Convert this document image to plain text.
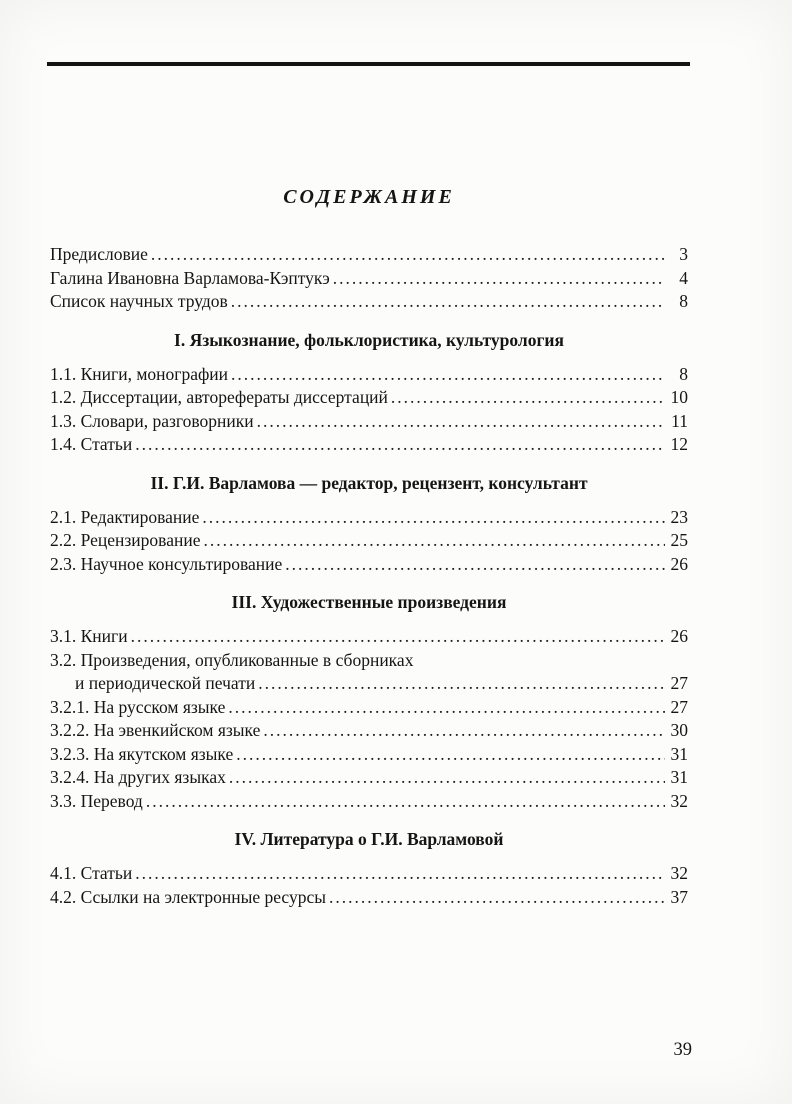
СОДЕРЖАНИЕ
Предисловие .....	3
Галина Ивановна Варламова-Кэптукэ .....	4
Список научных трудов .....	8
I. Языкознание, фольклористика, культурология
1.1. Книги, монографии .....	8
1.2. Диссертации, авторефераты диссертаций .....	10
1.3. Словари, разговорники .....	11
1.4. Статьи .....	12
II. Г.И. Варламова — редактор, рецензент, консультант
2.1. Редактирование .....	23
2.2. Рецензирование .....	25
2.3. Научное консультирование .....	26
III. Художественные произведения
3.1. Книги .....	26
3.2. Произведения, опубликованные в сборниках
и периодической печати .....	27
3.2.1. На русском языке .....	27
3.2.2. На эвенкийском языке .....	30
3.2.3. На якутском языке .....	31
3.2.4. На других языках .....	31
3.3. Перевод .....	32
IV. Литература о Г.И. Варламовой
4.1. Статьи .....	32
4.2. Ссылки на электронные ресурсы .....	37
39
